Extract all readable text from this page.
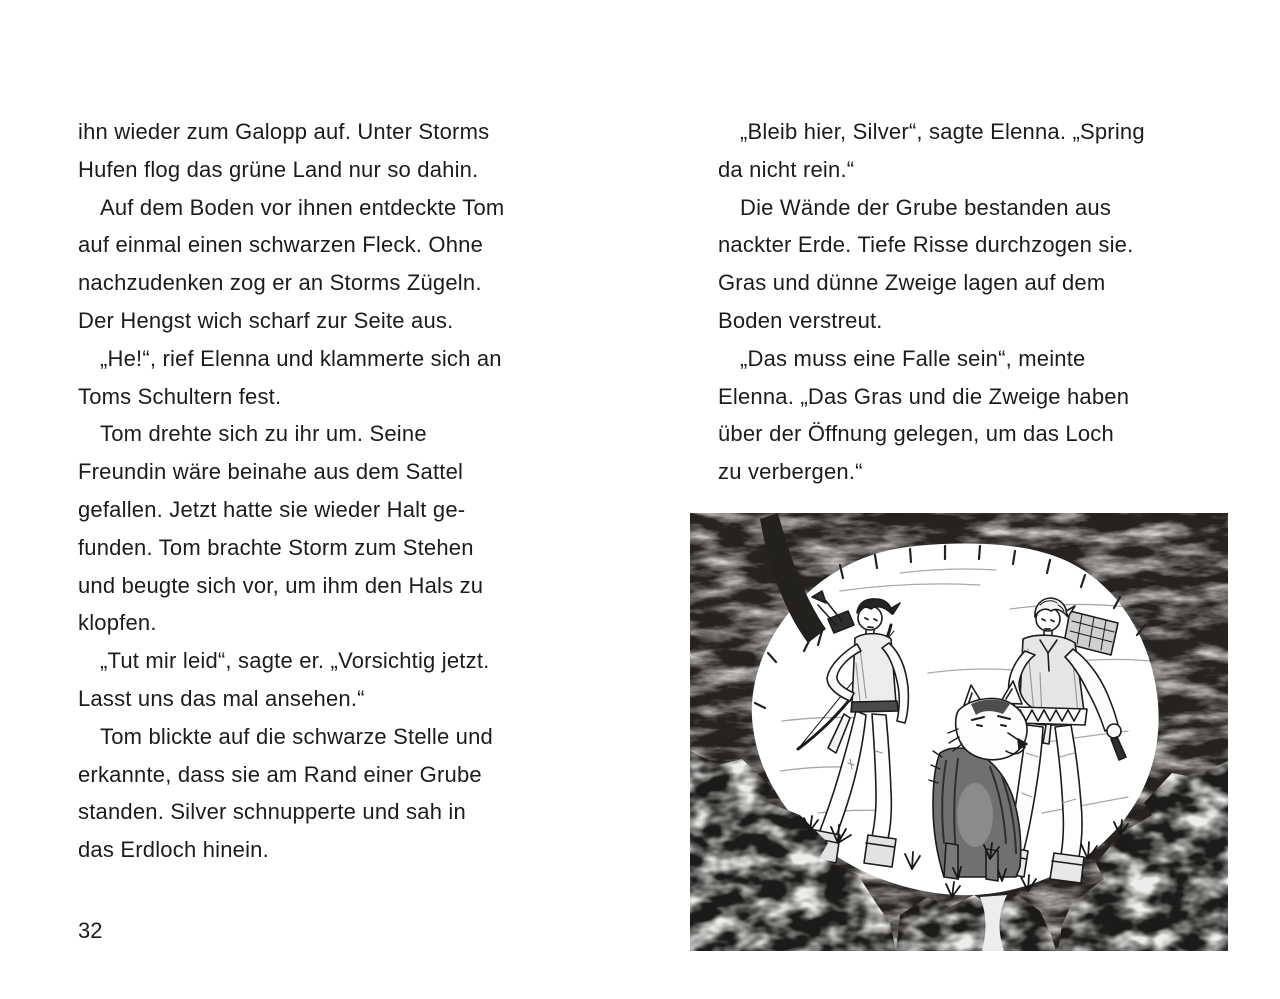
ihn wieder zum Galopp auf. Unter Storms
Hufen flog das grüne Land nur so dahin.
Auf dem Boden vor ihnen entdeckte Tom
auf einmal einen schwarzen Fleck. Ohne
nachzudenken zog er an Storms Zügeln.
Der Hengst wich scharf zur Seite aus.
„He!“, rief Elenna und klammerte sich an
Toms Schultern fest.
Tom drehte sich zu ihr um. Seine
Freundin wäre beinahe aus dem Sattel
gefallen. Jetzt hatte sie wieder Halt ge-
funden. Tom brachte Storm zum Stehen
und beugte sich vor, um ihm den Hals zu
klopfen.
„Tut mir leid“, sagte er. „Vorsichtig jetzt.
Lasst uns das mal ansehen.“
Tom blickte auf die schwarze Stelle und
erkannte, dass sie am Rand einer Grube
standen. Silver schnupperte und sah in
das Erdloch hinein.
32
„Bleib hier, Silver“, sagte Elenna. „Spring
da nicht rein.“
Die Wände der Grube bestanden aus
nackter Erde. Tiefe Risse durchzogen sie.
Gras und dünne Zweige lagen auf dem
Boden verstreut.
„Das muss eine Falle sein“, meinte
Elenna. „Das Gras und die Zweige haben
über der Öffnung gelegen, um das Loch
zu verbergen.“
